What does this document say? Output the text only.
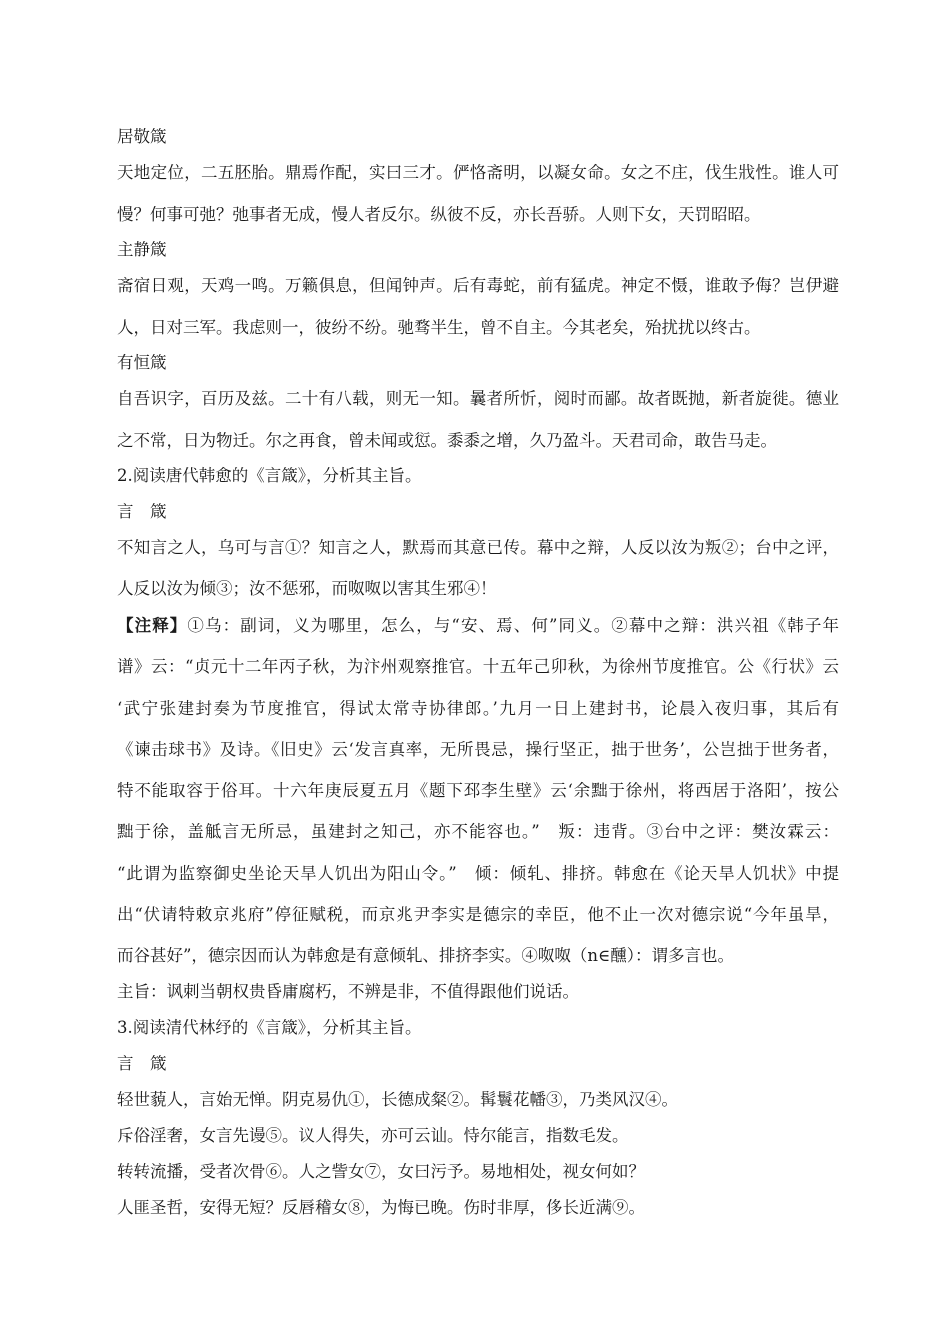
居敬箴
天地定位，二五胚胎。鼎焉作配，实曰三才。俨恪斋明，以凝女命。女之不庄，伐生戕性。谁人可
慢？何事可弛？弛事者无成，慢人者反尔。纵彼不反，亦长吾骄。人则下女，天罚昭昭。
主静箴
斋宿日观，天鸡一鸣。万籁俱息，但闻钟声。后有毒蛇，前有猛虎。神定不慑，谁敢予侮？岂伊避
人，日对三军。我虑则一，彼纷不纷。驰骛半生，曾不自主。今其老矣，殆扰扰以终古。
有恒箴
自吾识字，百历及兹。二十有八载，则无一知。曩者所忻，阅时而鄙。故者既抛，新者旋徙。德业
之不常，日为物迁。尔之再食，曾未闻或愆。黍黍之增，久乃盈斗。天君司命，敢告马走。
2.阅读唐代韩愈的《言箴》，分析其主旨。
言　箴
不知言之人，乌可与言①？知言之人，默焉而其意已传。幕中之辩，人反以汝为叛②；台中之评，
人反以汝为倾③；汝不惩邪，而呶呶以害其生邪④！
【注释】①乌：副词，义为哪里，怎么，与“安、焉、何”同义。②幕中之辩：洪兴祖《韩子年
谱》云：“贞元十二年丙子秋，为汴州观察推官。十五年己卯秋，为徐州节度推官。公《行状》云
‘武宁张建封奏为节度推官，得试太常寺协律郎。’九月一日上建封书，论晨入夜归事，其后有
《谏击球书》及诗。《旧史》云‘发言真率，无所畏忌，操行坚正，拙于世务’，公岂拙于世务者，
特不能取容于俗耳。十六年庚辰夏五月《题下邳李生壁》云‘余黜于徐州，将西居于洛阳’，按公
黜于徐，盖觝言无所忌，虽建封之知己，亦不能容也。”　叛：违背。③台中之评：樊汝霖云：
“此谓为监察御史坐论天旱人饥出为阳山令。”　倾：倾轧、排挤。韩愈在《论天旱人饥状》中提
出“伏请特敕京兆府”停征赋税，而京兆尹李实是德宗的幸臣，他不止一次对德宗说“今年虽旱，
而谷甚好”，德宗因而认为韩愈是有意倾轧、排挤李实。④呶呶（n∈醺）：谓多言也。
主旨：讽刺当朝权贵昏庸腐朽，不辨是非，不值得跟他们说话。
3.阅读清代林纾的《言箴》，分析其主旨。
言　箴
轻世藐人，言始无惮。阴克易仇①，长德成粲②。髯鬟花幡③，乃类风汉④。
斥俗淫奢，女言先谩⑤。议人得失，亦可云讪。恃尔能言，指数毛发。
转转流播，受者次骨⑥。人之訾女⑦，女曰污予。易地相处，视女何如？
人匪圣哲，安得无短？反唇稽女⑧，为悔已晚。伤时非厚，侈长近满⑨。
